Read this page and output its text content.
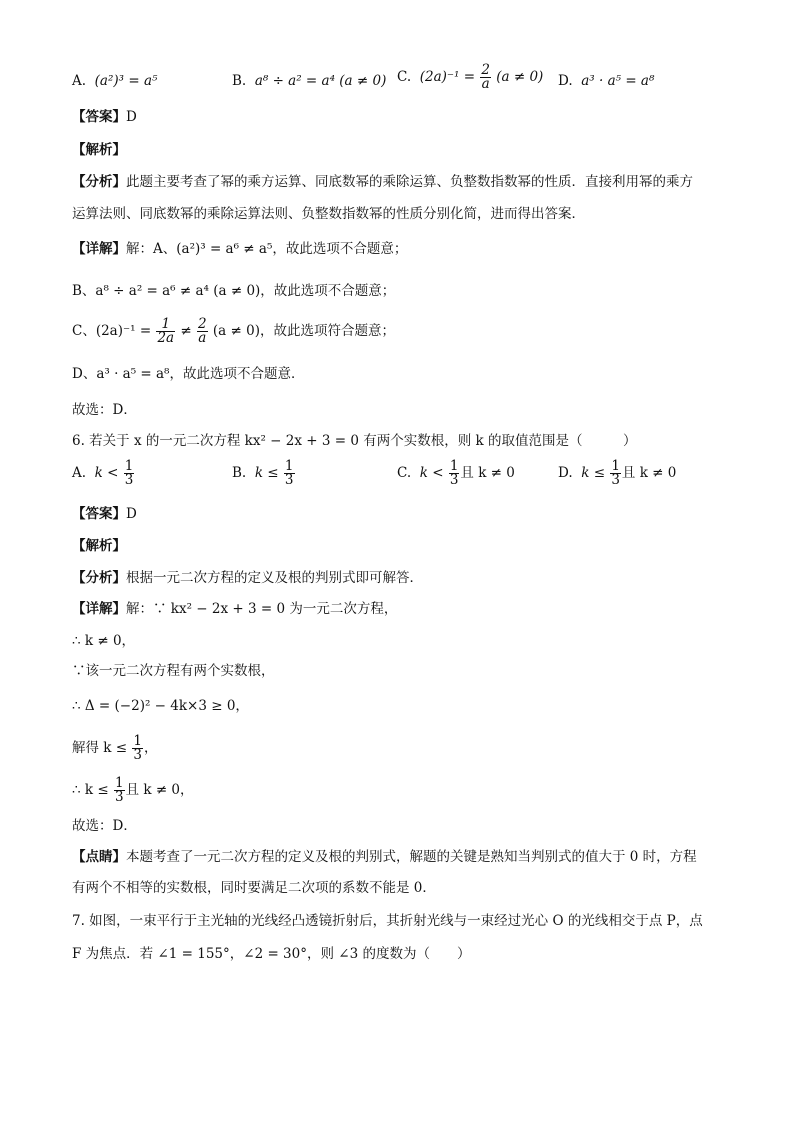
A. (a²)³ = a⁵	B. a⁸ ÷ a² = a⁴ (a ≠ 0) C. $(2a)^{-1} = \frac{2}{a} (a \ne 0)$ D. a³ · a⁵ = a⁸
【答案】D
【解析】
【分析】此题主要考查了幂的乘方运算、同底数幂的乘除运算、负整数指数幂的性质．直接利用幂的乘方
运算法则、同底数幂的乘除运算法则、负整数指数幂的性质分别化简，进而得出答案．
【详解】解：A、(a²)³ = a⁶ ≠ a⁵，故此选项不合题意；
B、a⁸ ÷ a² = a⁶ ≠ a⁴ (a ≠ 0)，故此选项不合题意；
C、$(2a)^{-1} = \frac{1}{2a} \ne \frac{2}{a} (a \ne 0)$，故此选项符合题意；
D、a³ · a⁵ = a⁸，故此选项不合题意．
故选：D．
6. 若关于 x 的一元二次方程 kx² − 2x + 3 = 0 有两个实数根，则 k 的取值范围是（　　　）
A. $k < \frac{1}{3}$	B. $k \le \frac{1}{3}$	C. $k < \frac{1}{3}$ 且 k ≠ 0	D. $k \le \frac{1}{3}$ 且 k ≠ 0
【答案】D
【解析】
【分析】根据一元二次方程的定义及根的判别式即可解答．
【详解】解：∵ kx² − 2x + 3 = 0 为一元二次方程，
∴ k ≠ 0，
∵该一元二次方程有两个实数根，
∴ Δ = (−2)² − 4k×3 ≥ 0，
解得 $k \le \frac{1}{3}$ ，
∴ $k \le \frac{1}{3}$ 且 k ≠ 0，
故选：D．
【点睛】本题考查了一元二次方程的定义及根的判别式，解题的关键是熟知当判别式的值大于 0 时，方程
有两个不相等的实数根，同时要满足二次项的系数不能是 0．
7. 如图，一束平行于主光轴的光线经凸透镜折射后，其折射光线与一束经过光心 O 的光线相交于点 P，点
F 为焦点．若 ∠1 = 155°，∠2 = 30°，则 ∠3 的度数为（　　）
